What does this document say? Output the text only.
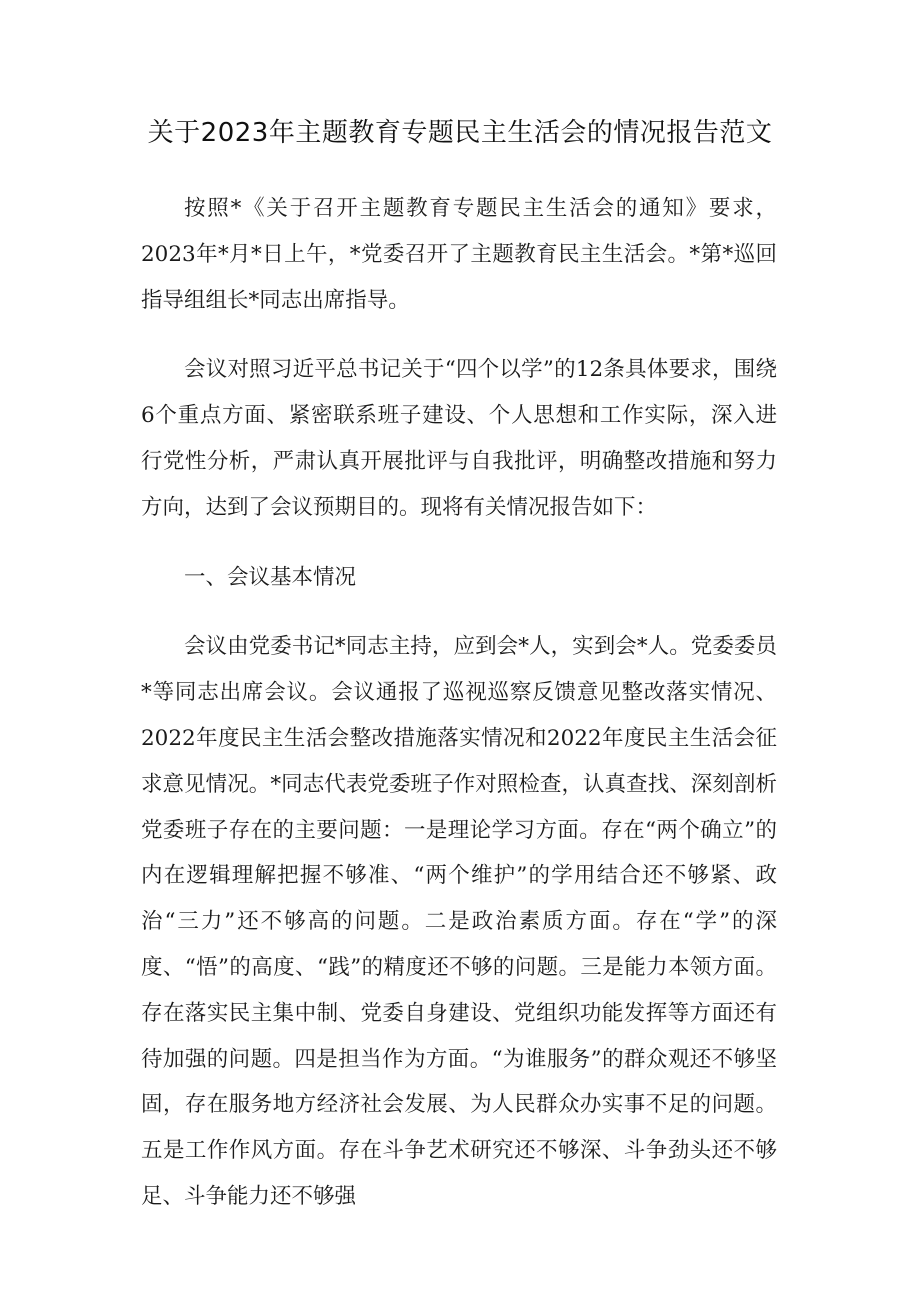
关于2023年主题教育专题民主生活会的情况报告范文

按照*《关于召开主题教育专题民主生活会的通知》要求，2023年*月*日上午，*党委召开了主题教育民主生活会。*第*巡回指导组组长*同志出席指导。

会议对照习近平总书记关于“四个以学”的12条具体要求，围绕6个重点方面、紧密联系班子建设、个人思想和工作实际，深入进行党性分析，严肃认真开展批评与自我批评，明确整改措施和努力方向，达到了会议预期目的。现将有关情况报告如下：

一、会议基本情况

会议由党委书记*同志主持，应到会*人，实到会*人。党委委员*等同志出席会议。会议通报了巡视巡察反馈意见整改落实情况、2022年度民主生活会整改措施落实情况和2022年度民主生活会征求意见情况。*同志代表党委班子作对照检查，认真查找、深刻剖析党委班子存在的主要问题：一是理论学习方面。存在“两个确立”的内在逻辑理解把握不够准、“两个维护”的学用结合还不够紧、政治“三力”还不够高的问题。二是政治素质方面。存在“学”的深度、“悟”的高度、“践”的精度还不够的问题。三是能力本领方面。存在落实民主集中制、党委自身建设、党组织功能发挥等方面还有待加强的问题。四是担当作为方面。“为谁服务”的群众观还不够坚固，存在服务地方经济社会发展、为人民群众办实事不足的问题。五是工作作风方面。存在斗争艺术研究还不够深、斗争劲头还不够足、斗争能力还不够强
